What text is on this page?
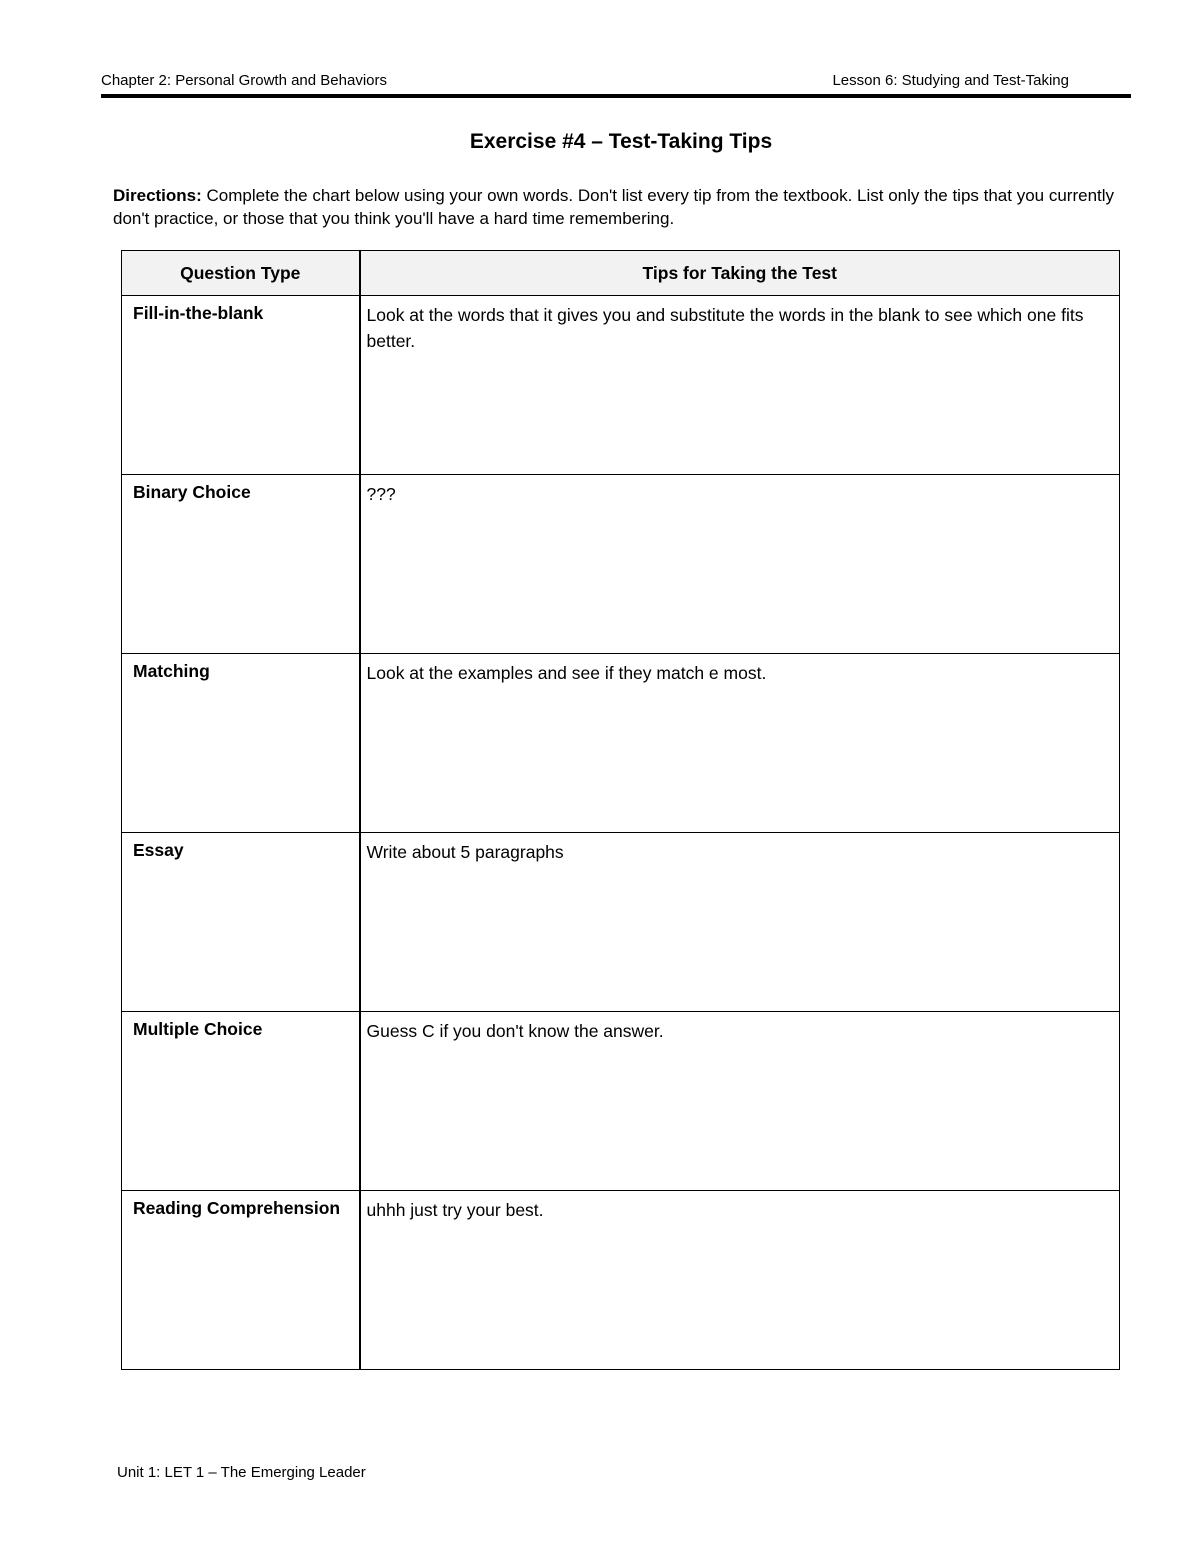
Chapter 2: Personal Growth and Behaviors	Lesson 6: Studying and Test-Taking
Exercise #4 – Test-Taking Tips
Directions: Complete the chart below using your own words. Don't list every tip from the textbook. List only the tips that you currently don't practice, or those that you think you'll have a hard time remembering.
Question Type	Tips for Taking the Test
Fill-in-the-blank	Look at the words that it gives you and substitute the words in the blank to see which one fits better.
Binary Choice	???
Matching	Look at the examples and see if they match e most.
Essay	Write about 5 paragraphs
Multiple Choice	Guess C if you don't know the answer.
Reading Comprehension	uhhh just try your best.
Unit 1: LET 1 – The Emerging Leader
